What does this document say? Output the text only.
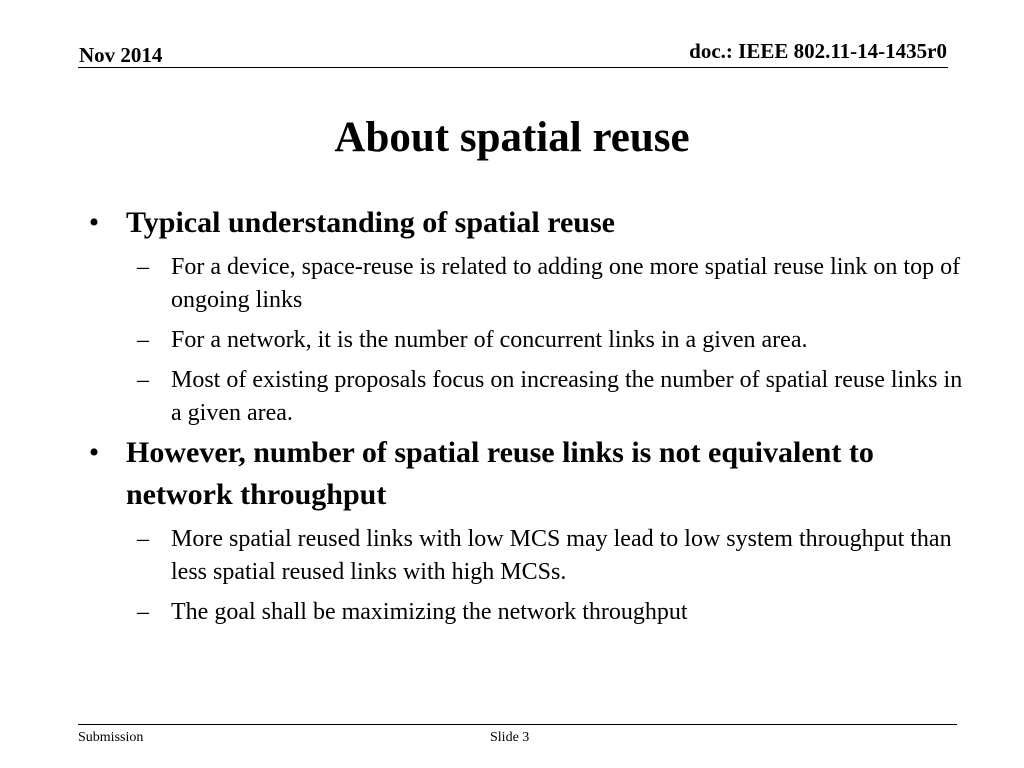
Nov 2014	doc.: IEEE 802.11-14-1435r0
About spatial reuse
• Typical understanding of spatial reuse
– For a device, space-reuse is related to adding one more spatial reuse link on top of ongoing links
– For a network, it is the number of concurrent links in a given area.
– Most of existing proposals focus on increasing the number of spatial reuse links in a given area.
• However, number of spatial reuse links is not equivalent to network throughput
– More spatial reused links with low MCS may lead to low system throughput than less spatial reused links with high MCSs.
– The goal shall be maximizing the network throughput
Submission	Slide 3
